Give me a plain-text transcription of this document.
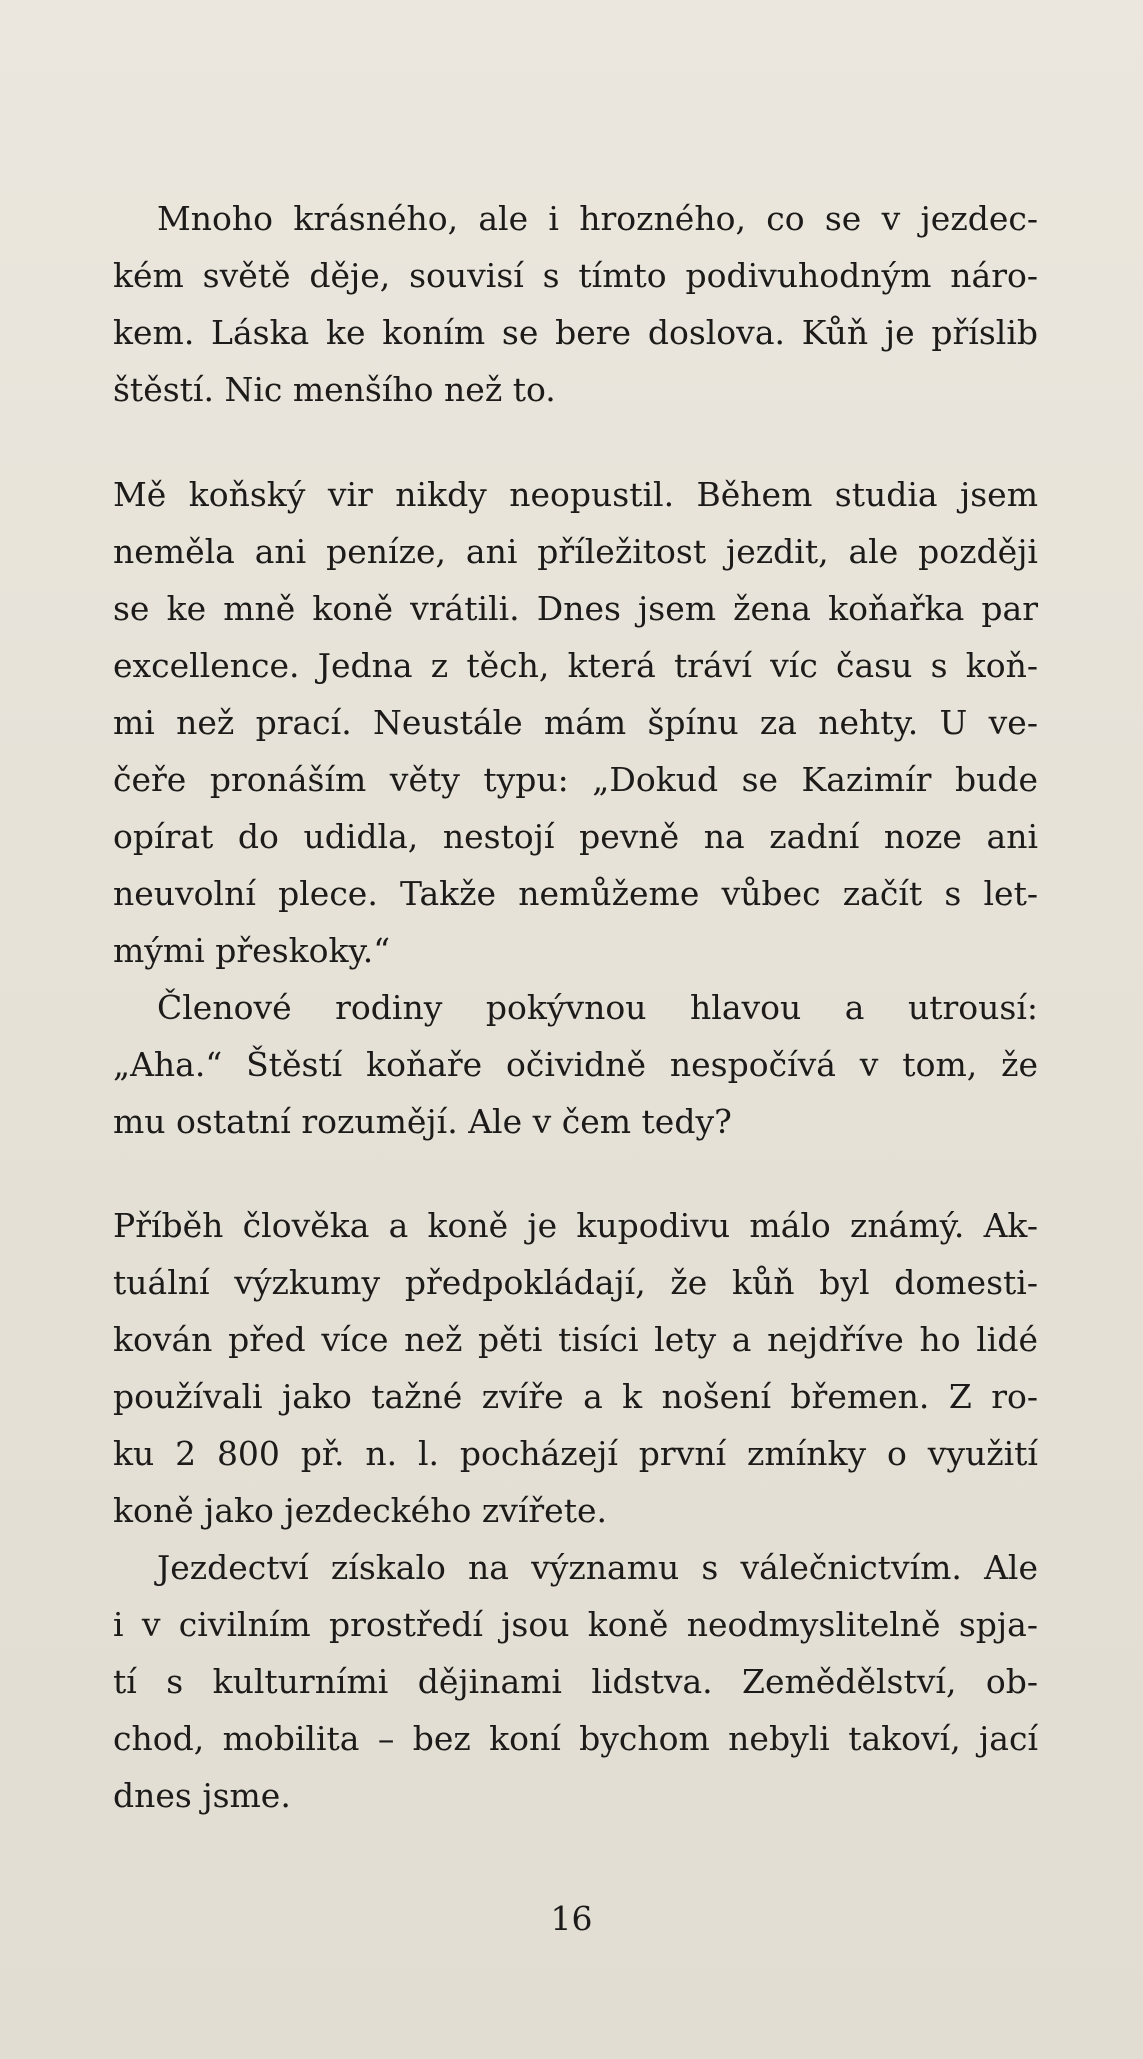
Mnoho krásného, ale i hrozného, co se v jezdec-
kém světě děje, souvisí s tímto podivuhodným náro-
kem. Láska ke koním se bere doslova. Kůň je příslib
štěstí. Nic menšího než to.
Mě koňský vir nikdy neopustil. Během studia jsem
neměla ani peníze, ani příležitost jezdit, ale později
se ke mně koně vrátili. Dnes jsem žena koňařka par
excellence. Jedna z těch, která tráví víc času s koň-
mi než prací. Neustále mám špínu za nehty. U ve-
čeře pronáším věty typu: „Dokud se Kazimír bude
opírat do udidla, nestojí pevně na zadní noze ani
neuvolní plece. Takže nemůžeme vůbec začít s let-
mými přeskoky.“
Členové rodiny pokývnou hlavou a utrousí:
„Aha.“ Štěstí koňaře očividně nespočívá v tom, že
mu ostatní rozumějí. Ale v čem tedy?
Příběh člověka a koně je kupodivu málo známý. Ak-
tuální výzkumy předpokládají, že kůň byl domesti-
kován před více než pěti tisíci lety a nejdříve ho lidé
používali jako tažné zvíře a k nošení břemen. Z ro-
ku 2 800 př. n. l. pocházejí první zmínky o využití
koně jako jezdeckého zvířete.
Jezdectví získalo na významu s válečnictvím. Ale
i v civilním prostředí jsou koně neodmyslitelně spja-
tí s kulturními dějinami lidstva. Zemědělství, ob-
chod, mobilita – bez koní bychom nebyli takoví, jací
dnes jsme.
16
